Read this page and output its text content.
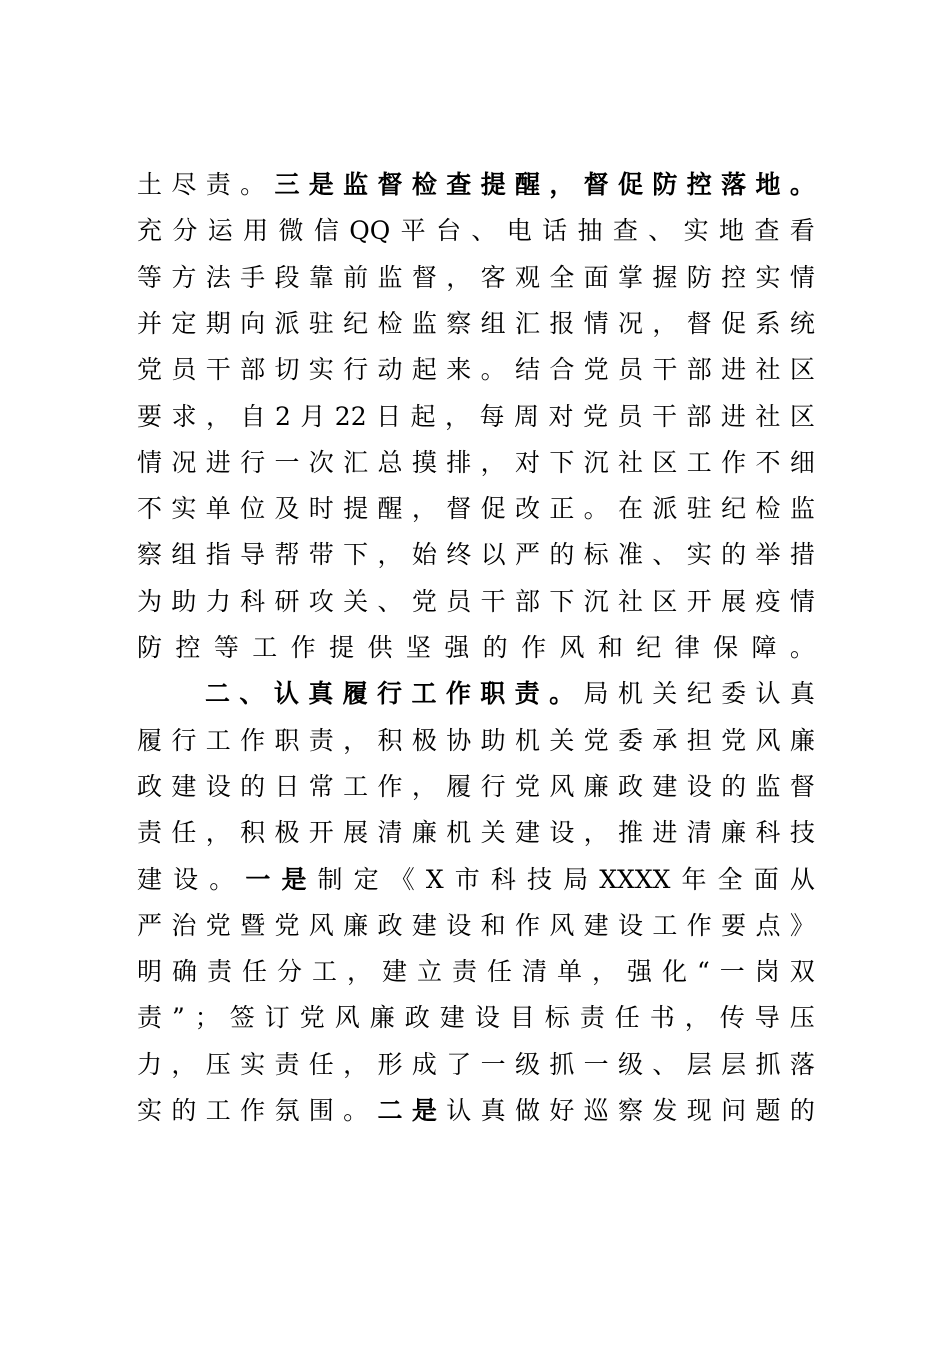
土 尽 责 。 三 是 监 督 检 查 提 醒 ， 督 促 防 控 落 地 。
充 分 运 用 微 信 QQ 平 台 、 电 话 抽 查 、 实 地 查 看
等 方 法 手 段 靠 前 监 督 ， 客 观 全 面 掌 握 防 控 实 情
并 定 期 向 派 驻 纪 检 监 察 组 汇 报 情 况 ， 督 促 系 统
党 员 干 部 切 实 行 动 起 来 。 结 合 党 员 干 部 进 社 区
要 求 ， 自 2 月 22 日 起 ， 每 周 对 党 员 干 部 进 社 区
情 况 进 行 一 次 汇 总 摸 排 ， 对 下 沉 社 区 工 作 不 细
不 实 单 位 及 时 提 醒 ， 督 促 改 正 。 在 派 驻 纪 检 监
察 组 指 导 帮 带 下 ， 始 终 以 严 的 标 准 、 实 的 举 措
为 助 力 科 研 攻 关 、 党 员 干 部 下 沉 社 区 开 展 疫 情
防 控 等 工 作 提 供 坚 强 的 作 风 和 纪 律 保 障 。
二 、 认 真 履 行 工 作 职 责 。 局 机 关 纪 委 认 真
履 行 工 作 职 责 ， 积 极 协 助 机 关 党 委 承 担 党 风 廉
政 建 设 的 日 常 工 作 ， 履 行 党 风 廉 政 建 设 的 监 督
责 任 ， 积 极 开 展 清 廉 机 关 建 设 ， 推 进 清 廉 科 技
建 设 。 一 是 制 定 《 X 市 科 技 局 XXXX 年 全 面 从
严 治 党 暨 党 风 廉 政 建 设 和 作 风 建 设 工 作 要 点 》
明 确 责 任 分 工 ， 建 立 责 任 清 单 ， 强 化 “ 一 岗 双
责 ” ； 签 订 党 风 廉 政 建 设 目 标 责 任 书 ， 传 导 压
力 ， 压 实 责 任 ， 形 成 了 一 级 抓 一 级 、 层 层 抓 落
实 的 工 作 氛 围 。 二 是 认 真 做 好 巡 察 发 现 问 题 的
